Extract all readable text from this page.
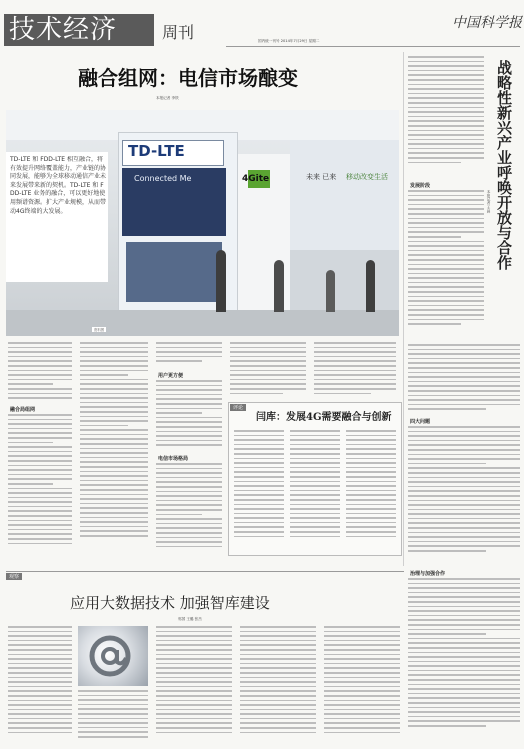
技术经济	周刊	国内统一刊号 2014年7月29日 星期二
中国科学报
融合组网：电信市场酿变
本报记者 李铁
TD-LTE
Connected Me	4Gite	未来 已来 移动改变生活
资料图
TD-LTE 和 FDD-LTE 相互融合，将有效提升网络覆盖能力，产业链的协同发展，能够为全球移动通信产业未来发展带来新的契机。TD-LTE 和 FDD-LTE 业务的融合，可以更好地使用频谱资源。扩大产业规模，从而带动4G终端的大发展。
融合局组网
用户更方便
电信市场格局
评论
闫库：发展4G需要融合与创新
战略性新兴产业呼唤开放与合作
本报记者 王晨
发展阶段
四大问题
观察
应用大数据技术 加强智库建设
郭国 王璐 张杰
治理与加强合作
